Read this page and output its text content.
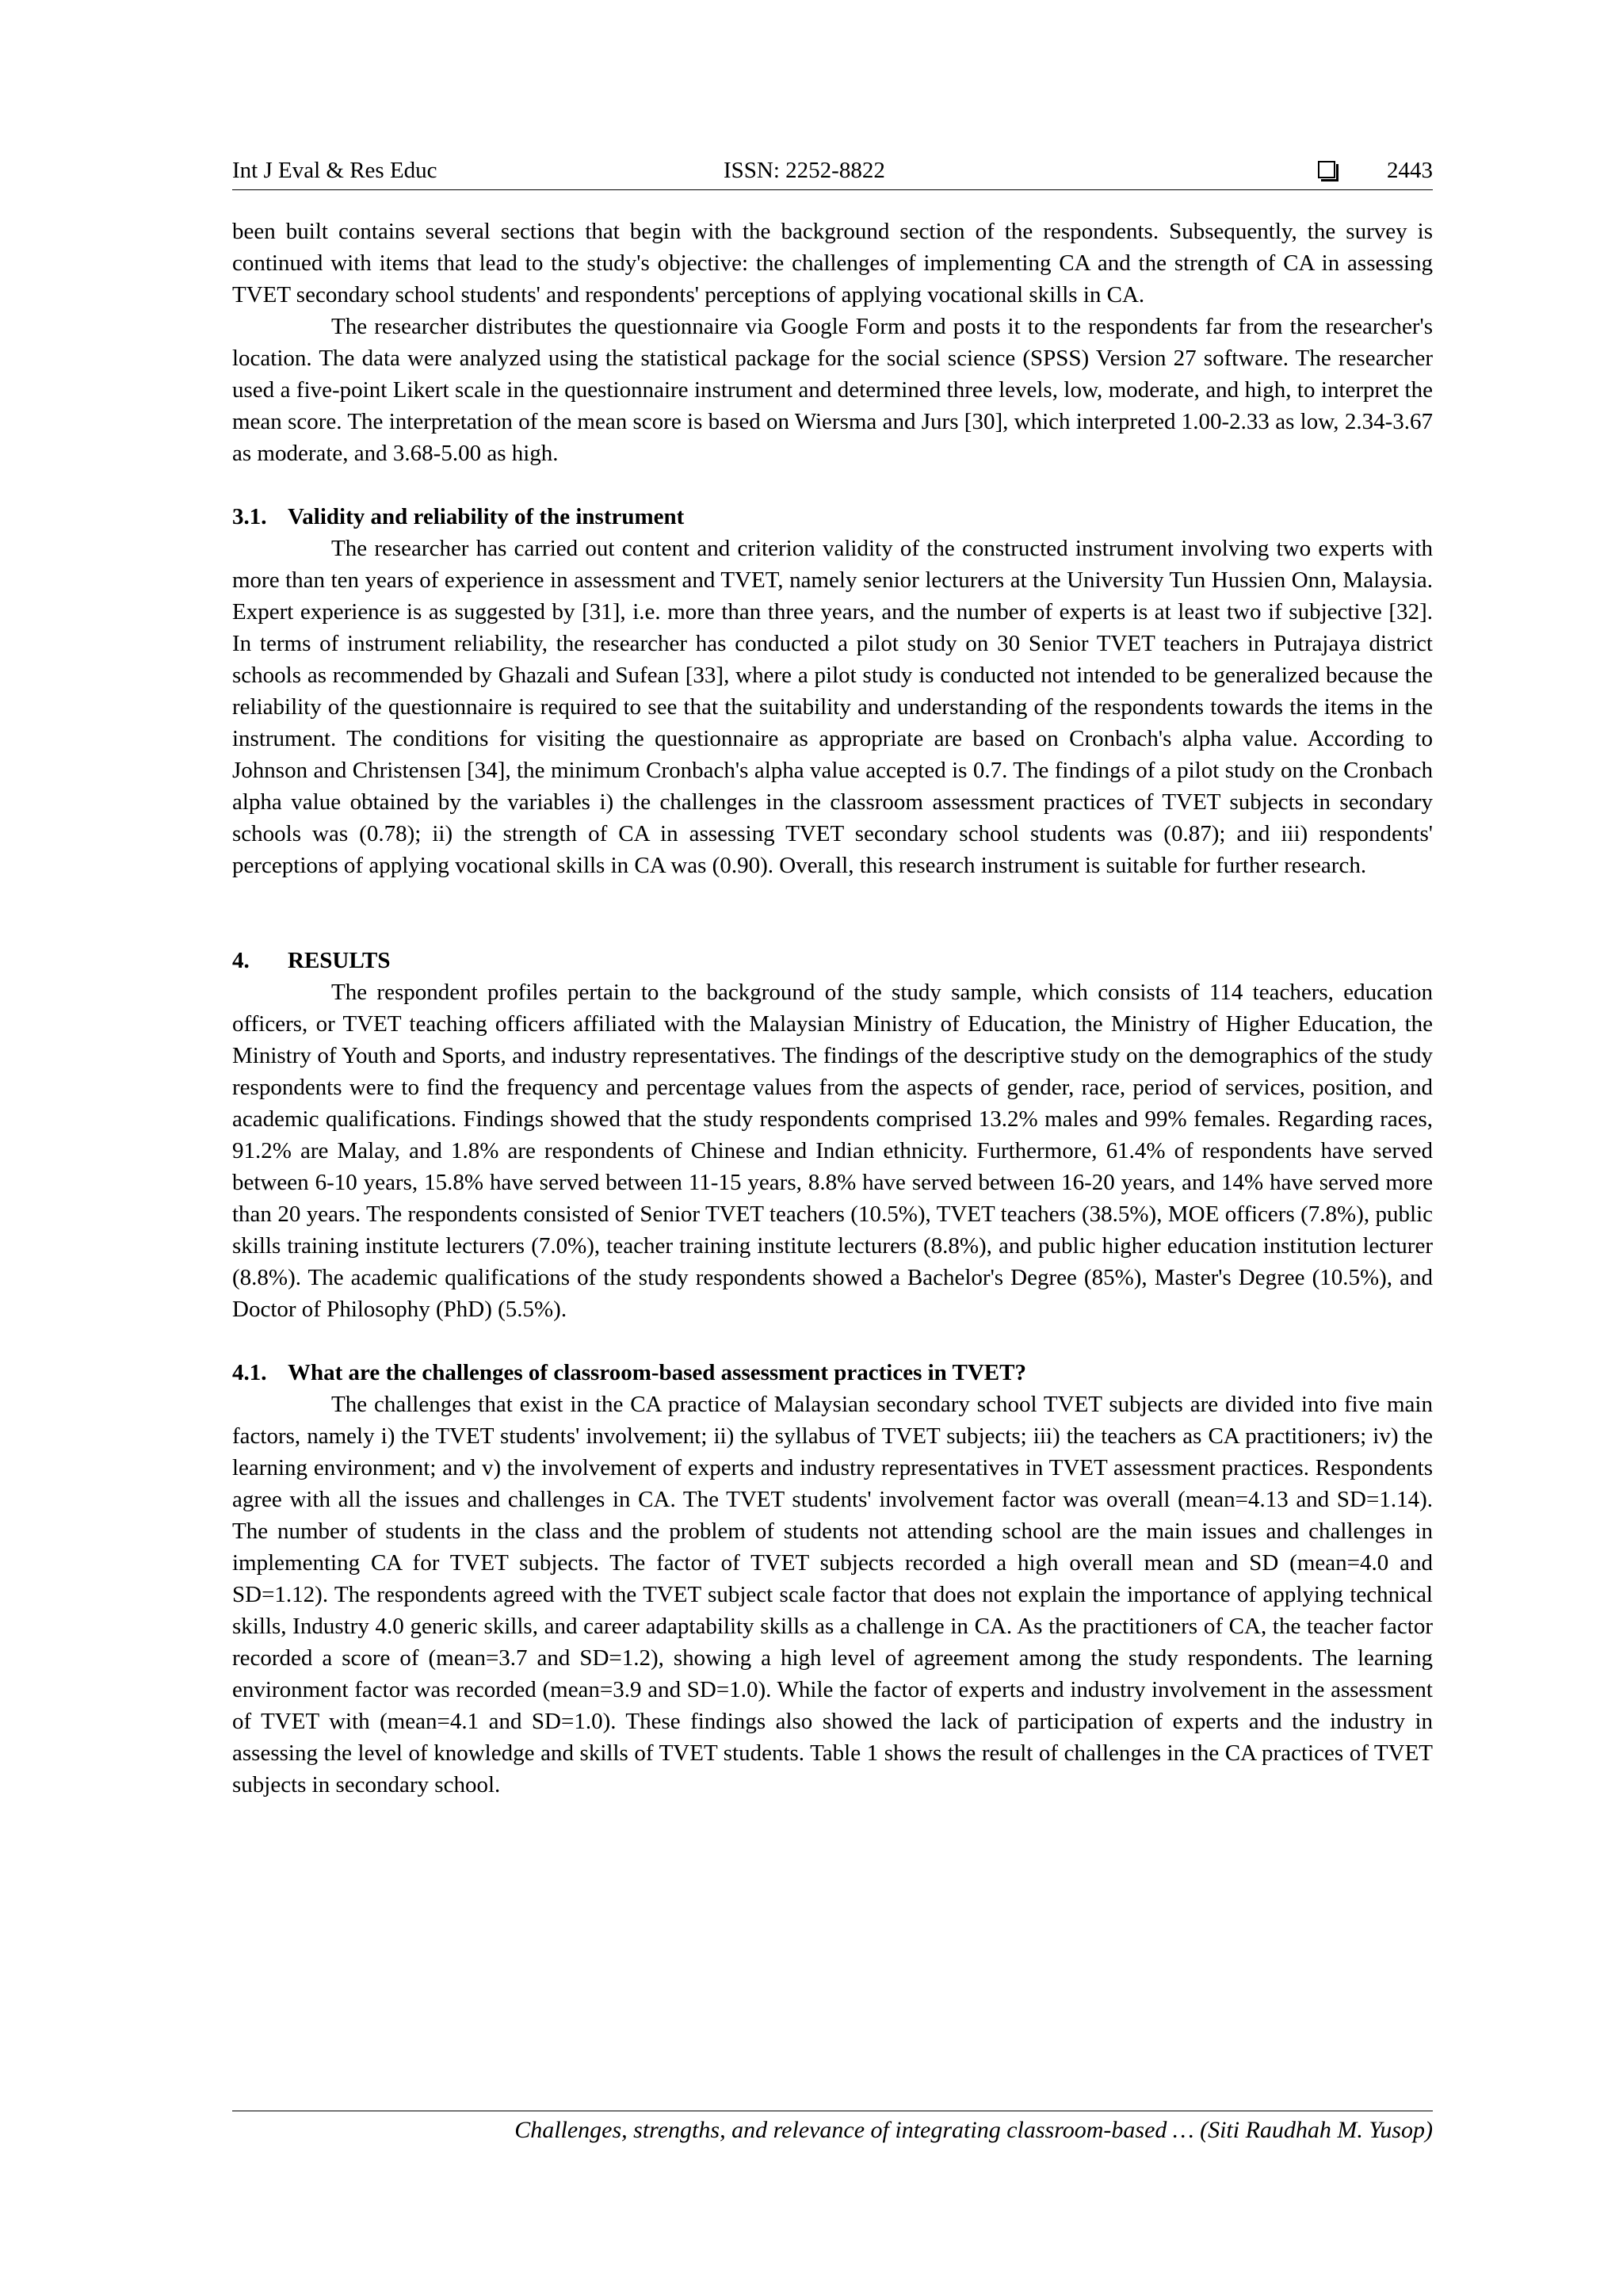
Int J Eval & Res Educ	ISSN: 2252-8822	2443

been built contains several sections that begin with the background section of the respondents. Subsequently, the survey is continued with items that lead to the study's objective: the challenges of implementing CA and the strength of CA in assessing TVET secondary school students' and respondents' perceptions of applying vocational skills in CA.

The researcher distributes the questionnaire via Google Form and posts it to the respondents far from the researcher's location. The data were analyzed using the statistical package for the social science (SPSS) Version 27 software. The researcher used a five-point Likert scale in the questionnaire instrument and determined three levels, low, moderate, and high, to interpret the mean score. The interpretation of the mean score is based on Wiersma and Jurs [30], which interpreted 1.00-2.33 as low, 2.34-3.67 as moderate, and 3.68-5.00 as high.

3.1. Validity and reliability of the instrument

The researcher has carried out content and criterion validity of the constructed instrument involving two experts with more than ten years of experience in assessment and TVET, namely senior lecturers at the University Tun Hussien Onn, Malaysia. Expert experience is as suggested by [31], i.e. more than three years, and the number of experts is at least two if subjective [32]. In terms of instrument reliability, the researcher has conducted a pilot study on 30 Senior TVET teachers in Putrajaya district schools as recommended by Ghazali and Sufean [33], where a pilot study is conducted not intended to be generalized because the reliability of the questionnaire is required to see that the suitability and understanding of the respondents towards the items in the instrument. The conditions for visiting the questionnaire as appropriate are based on Cronbach's alpha value. According to Johnson and Christensen [34], the minimum Cronbach's alpha value accepted is 0.7. The findings of a pilot study on the Cronbach alpha value obtained by the variables i) the challenges in the classroom assessment practices of TVET subjects in secondary schools was (0.78); ii) the strength of CA in assessing TVET secondary school students was (0.87); and iii) respondents' perceptions of applying vocational skills in CA was (0.90). Overall, this research instrument is suitable for further research.

4. RESULTS

The respondent profiles pertain to the background of the study sample, which consists of 114 teachers, education officers, or TVET teaching officers affiliated with the Malaysian Ministry of Education, the Ministry of Higher Education, the Ministry of Youth and Sports, and industry representatives. The findings of the descriptive study on the demographics of the study respondents were to find the frequency and percentage values from the aspects of gender, race, period of services, position, and academic qualifications. Findings showed that the study respondents comprised 13.2% males and 99% females. Regarding races, 91.2% are Malay, and 1.8% are respondents of Chinese and Indian ethnicity. Furthermore, 61.4% of respondents have served between 6-10 years, 15.8% have served between 11-15 years, 8.8% have served between 16-20 years, and 14% have served more than 20 years. The respondents consisted of Senior TVET teachers (10.5%), TVET teachers (38.5%), MOE officers (7.8%), public skills training institute lecturers (7.0%), teacher training institute lecturers (8.8%), and public higher education institution lecturer (8.8%). The academic qualifications of the study respondents showed a Bachelor's Degree (85%), Master's Degree (10.5%), and Doctor of Philosophy (PhD) (5.5%).

4.1. What are the challenges of classroom-based assessment practices in TVET?

The challenges that exist in the CA practice of Malaysian secondary school TVET subjects are divided into five main factors, namely i) the TVET students' involvement; ii) the syllabus of TVET subjects; iii) the teachers as CA practitioners; iv) the learning environment; and v) the involvement of experts and industry representatives in TVET assessment practices. Respondents agree with all the issues and challenges in CA. The TVET students' involvement factor was overall (mean=4.13 and SD=1.14). The number of students in the class and the problem of students not attending school are the main issues and challenges in implementing CA for TVET subjects. The factor of TVET subjects recorded a high overall mean and SD (mean=4.0 and SD=1.12). The respondents agreed with the TVET subject scale factor that does not explain the importance of applying technical skills, Industry 4.0 generic skills, and career adaptability skills as a challenge in CA. As the practitioners of CA, the teacher factor recorded a score of (mean=3.7 and SD=1.2), showing a high level of agreement among the study respondents. The learning environment factor was recorded (mean=3.9 and SD=1.0). While the factor of experts and industry involvement in the assessment of TVET with (mean=4.1 and SD=1.0). These findings also showed the lack of participation of experts and the industry in assessing the level of knowledge and skills of TVET students. Table 1 shows the result of challenges in the CA practices of TVET subjects in secondary school.

Challenges, strengths, and relevance of integrating classroom-based … (Siti Raudhah M. Yusop)
